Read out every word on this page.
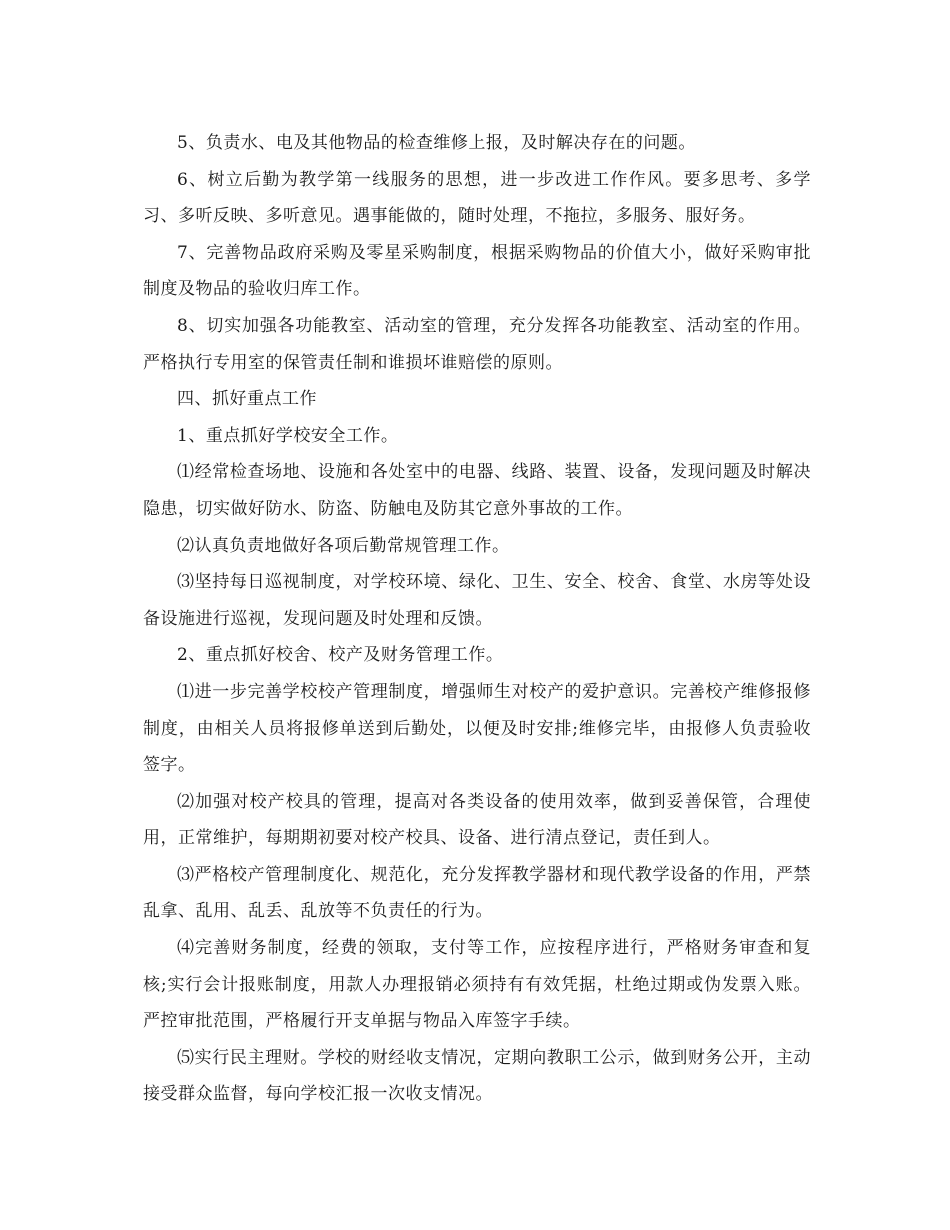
5、负责水、电及其他物品的检查维修上报，及时解决存在的问题。

6、树立后勤为教学第一线服务的思想，进一步改进工作作风。要多思考、多学习、多听反映、多听意见。遇事能做的，随时处理，不拖拉，多服务、服好务。

7、完善物品政府采购及零星采购制度，根据采购物品的价值大小，做好采购审批制度及物品的验收归库工作。

8、切实加强各功能教室、活动室的管理，充分发挥各功能教室、活动室的作用。严格执行专用室的保管责任制和谁损坏谁赔偿的原则。

四、抓好重点工作

1、重点抓好学校安全工作。

⑴经常检查场地、设施和各处室中的电器、线路、装置、设备，发现问题及时解决隐患，切实做好防水、防盗、防触电及防其它意外事故的工作。

⑵认真负责地做好各项后勤常规管理工作。

⑶坚持每日巡视制度，对学校环境、绿化、卫生、安全、校舍、食堂、水房等处设备设施进行巡视，发现问题及时处理和反馈。

2、重点抓好校舍、校产及财务管理工作。

⑴进一步完善学校校产管理制度，增强师生对校产的爱护意识。完善校产维修报修制度，由相关人员将报修单送到后勤处，以便及时安排;维修完毕，由报修人负责验收签字。

⑵加强对校产校具的管理，提高对各类设备的使用效率，做到妥善保管，合理使用，正常维护，每期期初要对校产校具、设备、进行清点登记，责任到人。

⑶严格校产管理制度化、规范化，充分发挥教学器材和现代教学设备的作用，严禁乱拿、乱用、乱丢、乱放等不负责任的行为。

⑷完善财务制度，经费的领取，支付等工作，应按程序进行，严格财务审查和复核;实行会计报账制度，用款人办理报销必须持有有效凭据，杜绝过期或伪发票入账。严控审批范围，严格履行开支单据与物品入库签字手续。

⑸实行民主理财。学校的财经收支情况，定期向教职工公示，做到财务公开，主动接受群众监督，每向学校汇报一次收支情况。
